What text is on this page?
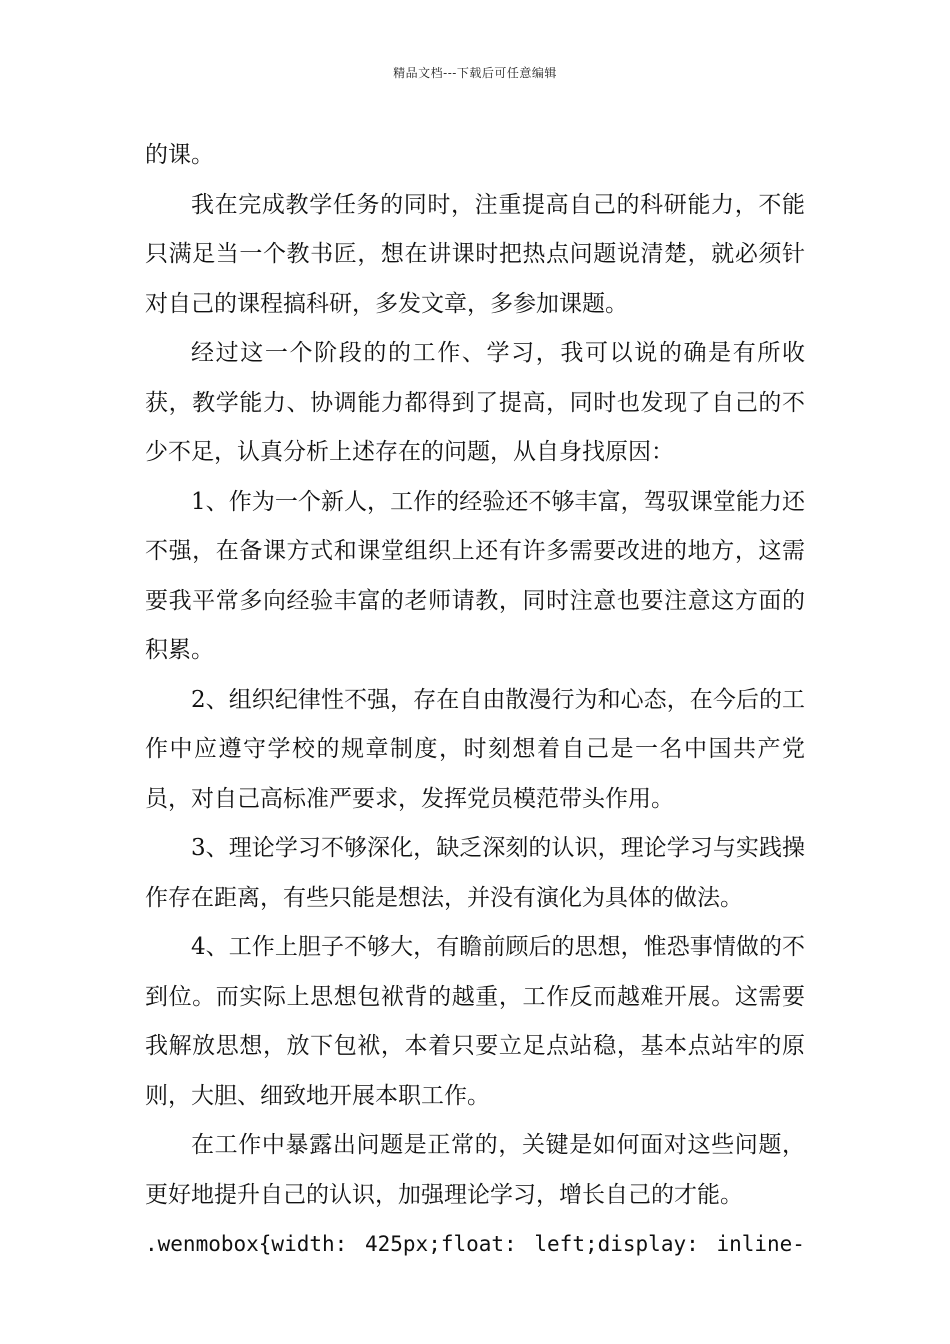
精品文档---下载后可任意编辑

的课。

我在完成教学任务的同时，注重提高自己的科研能力，不能只满足当一个教书匠，想在讲课时把热点问题说清楚，就必须针对自己的课程搞科研，多发文章，多参加课题。

经过这一个阶段的的工作、学习，我可以说的确是有所收获，教学能力、协调能力都得到了提高，同时也发现了自己的不少不足，认真分析上述存在的问题，从自身找原因：

1、作为一个新人，工作的经验还不够丰富，驾驭课堂能力还不强，在备课方式和课堂组织上还有许多需要改进的地方，这需要我平常多向经验丰富的老师请教，同时注意也要注意这方面的积累。

2、组织纪律性不强，存在自由散漫行为和心态，在今后的工作中应遵守学校的规章制度，时刻想着自己是一名中国共产党员，对自己高标准严要求，发挥党员模范带头作用。

3、理论学习不够深化，缺乏深刻的认识，理论学习与实践操作存在距离，有些只能是想法，并没有演化为具体的做法。

4、工作上胆子不够大，有瞻前顾后的思想，惟恐事情做的不到位。而实际上思想包袱背的越重，工作反而越难开展。这需要我解放思想，放下包袱，本着只要立足点站稳，基本点站牢的原则，大胆、细致地开展本职工作。

在工作中暴露出问题是正常的，关键是如何面对这些问题，更好地提升自己的认识，加强理论学习，增长自己的才能。

.wenmobox{width: 425px;float: left;display: inline-
